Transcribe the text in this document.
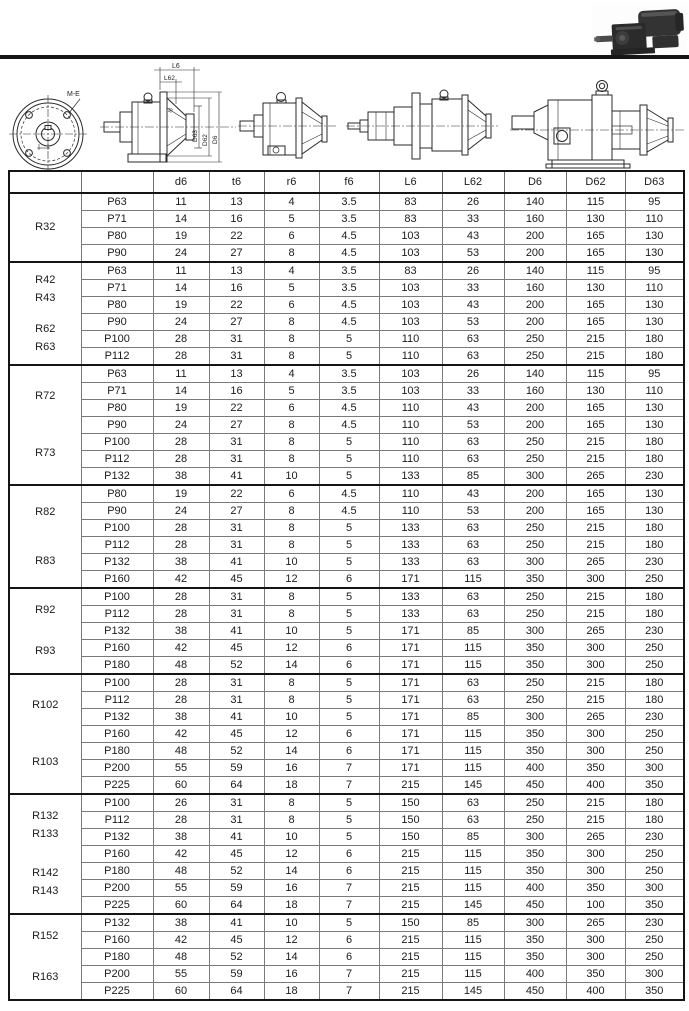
M-E
L6
L62
D63 D62 D6
t6
		d6	t6	r6	f6	L6	L62	D6	D62	D63

R32	P63	11	13	4	3.5	83	26	140	115	95
	P71	14	16	5	3.5	83	33	160	130	110
	P80	19	22	6	4.5	103	43	200	165	130
	P90	24	27	8	4.5	103	53	200	165	130

R42
R43
R62
R63	P63	11	13	4	3.5	83	26	140	115	95
	P71	14	16	5	3.5	103	33	160	130	110
	P80	19	22	6	4.5	103	43	200	165	130
	P90	24	27	8	4.5	103	53	200	165	130
	P100	28	31	8	5	110	63	250	215	180
	P112	28	31	8	5	110	63	250	215	180

R72
R73	P63	11	13	4	3.5	103	26	140	115	95
	P71	14	16	5	3.5	103	33	160	130	110
	P80	19	22	6	4.5	110	43	200	165	130
	P90	24	27	8	4.5	110	53	200	165	130
	P100	28	31	8	5	110	63	250	215	180
	P112	28	31	8	5	110	63	250	215	180
	P132	38	41	10	5	133	85	300	265	230

R82
R83	P80	19	22	6	4.5	110	43	200	165	130
	P90	24	27	8	4.5	110	53	200	165	130
	P100	28	31	8	5	133	63	250	215	180
	P112	28	31	8	5	133	63	250	215	180
	P132	38	41	10	5	133	63	300	265	230
	P160	42	45	12	6	171	115	350	300	250

R92
R93	P100	28	31	8	5	133	63	250	215	180
	P112	28	31	8	5	133	63	250	215	180
	P132	38	41	10	5	171	85	300	265	230
	P160	42	45	12	6	171	115	350	300	250
	P180	48	52	14	6	171	115	350	300	250

R102
R103	P100	28	31	8	5	171	63	250	215	180
	P112	28	31	8	5	171	63	250	215	180
	P132	38	41	10	5	171	85	300	265	230
	P160	42	45	12	6	171	115	350	300	250
	P180	48	52	14	6	171	115	350	300	250
	P200	55	59	16	7	171	115	400	350	300
	P225	60	64	18	7	215	145	450	400	350

R132
R133
R142
R143	P100	26	31	8	5	150	63	250	215	180
	P112	28	31	8	5	150	63	250	215	180
	P132	38	41	10	5	150	85	300	265	230
	P160	42	45	12	6	215	115	350	300	250
	P180	48	52	14	6	215	115	350	300	250
	P200	55	59	16	7	215	115	400	350	300
	P225	60	64	18	7	215	145	450	100	350

R152
R163	P132	38	41	10	5	150	85	300	265	230
	P160	42	45	12	6	215	115	350	300	250
	P180	48	52	14	6	215	115	350	300	250
	P200	55	59	16	7	215	115	400	350	300
	P225	60	64	18	7	215	145	450	400	350
